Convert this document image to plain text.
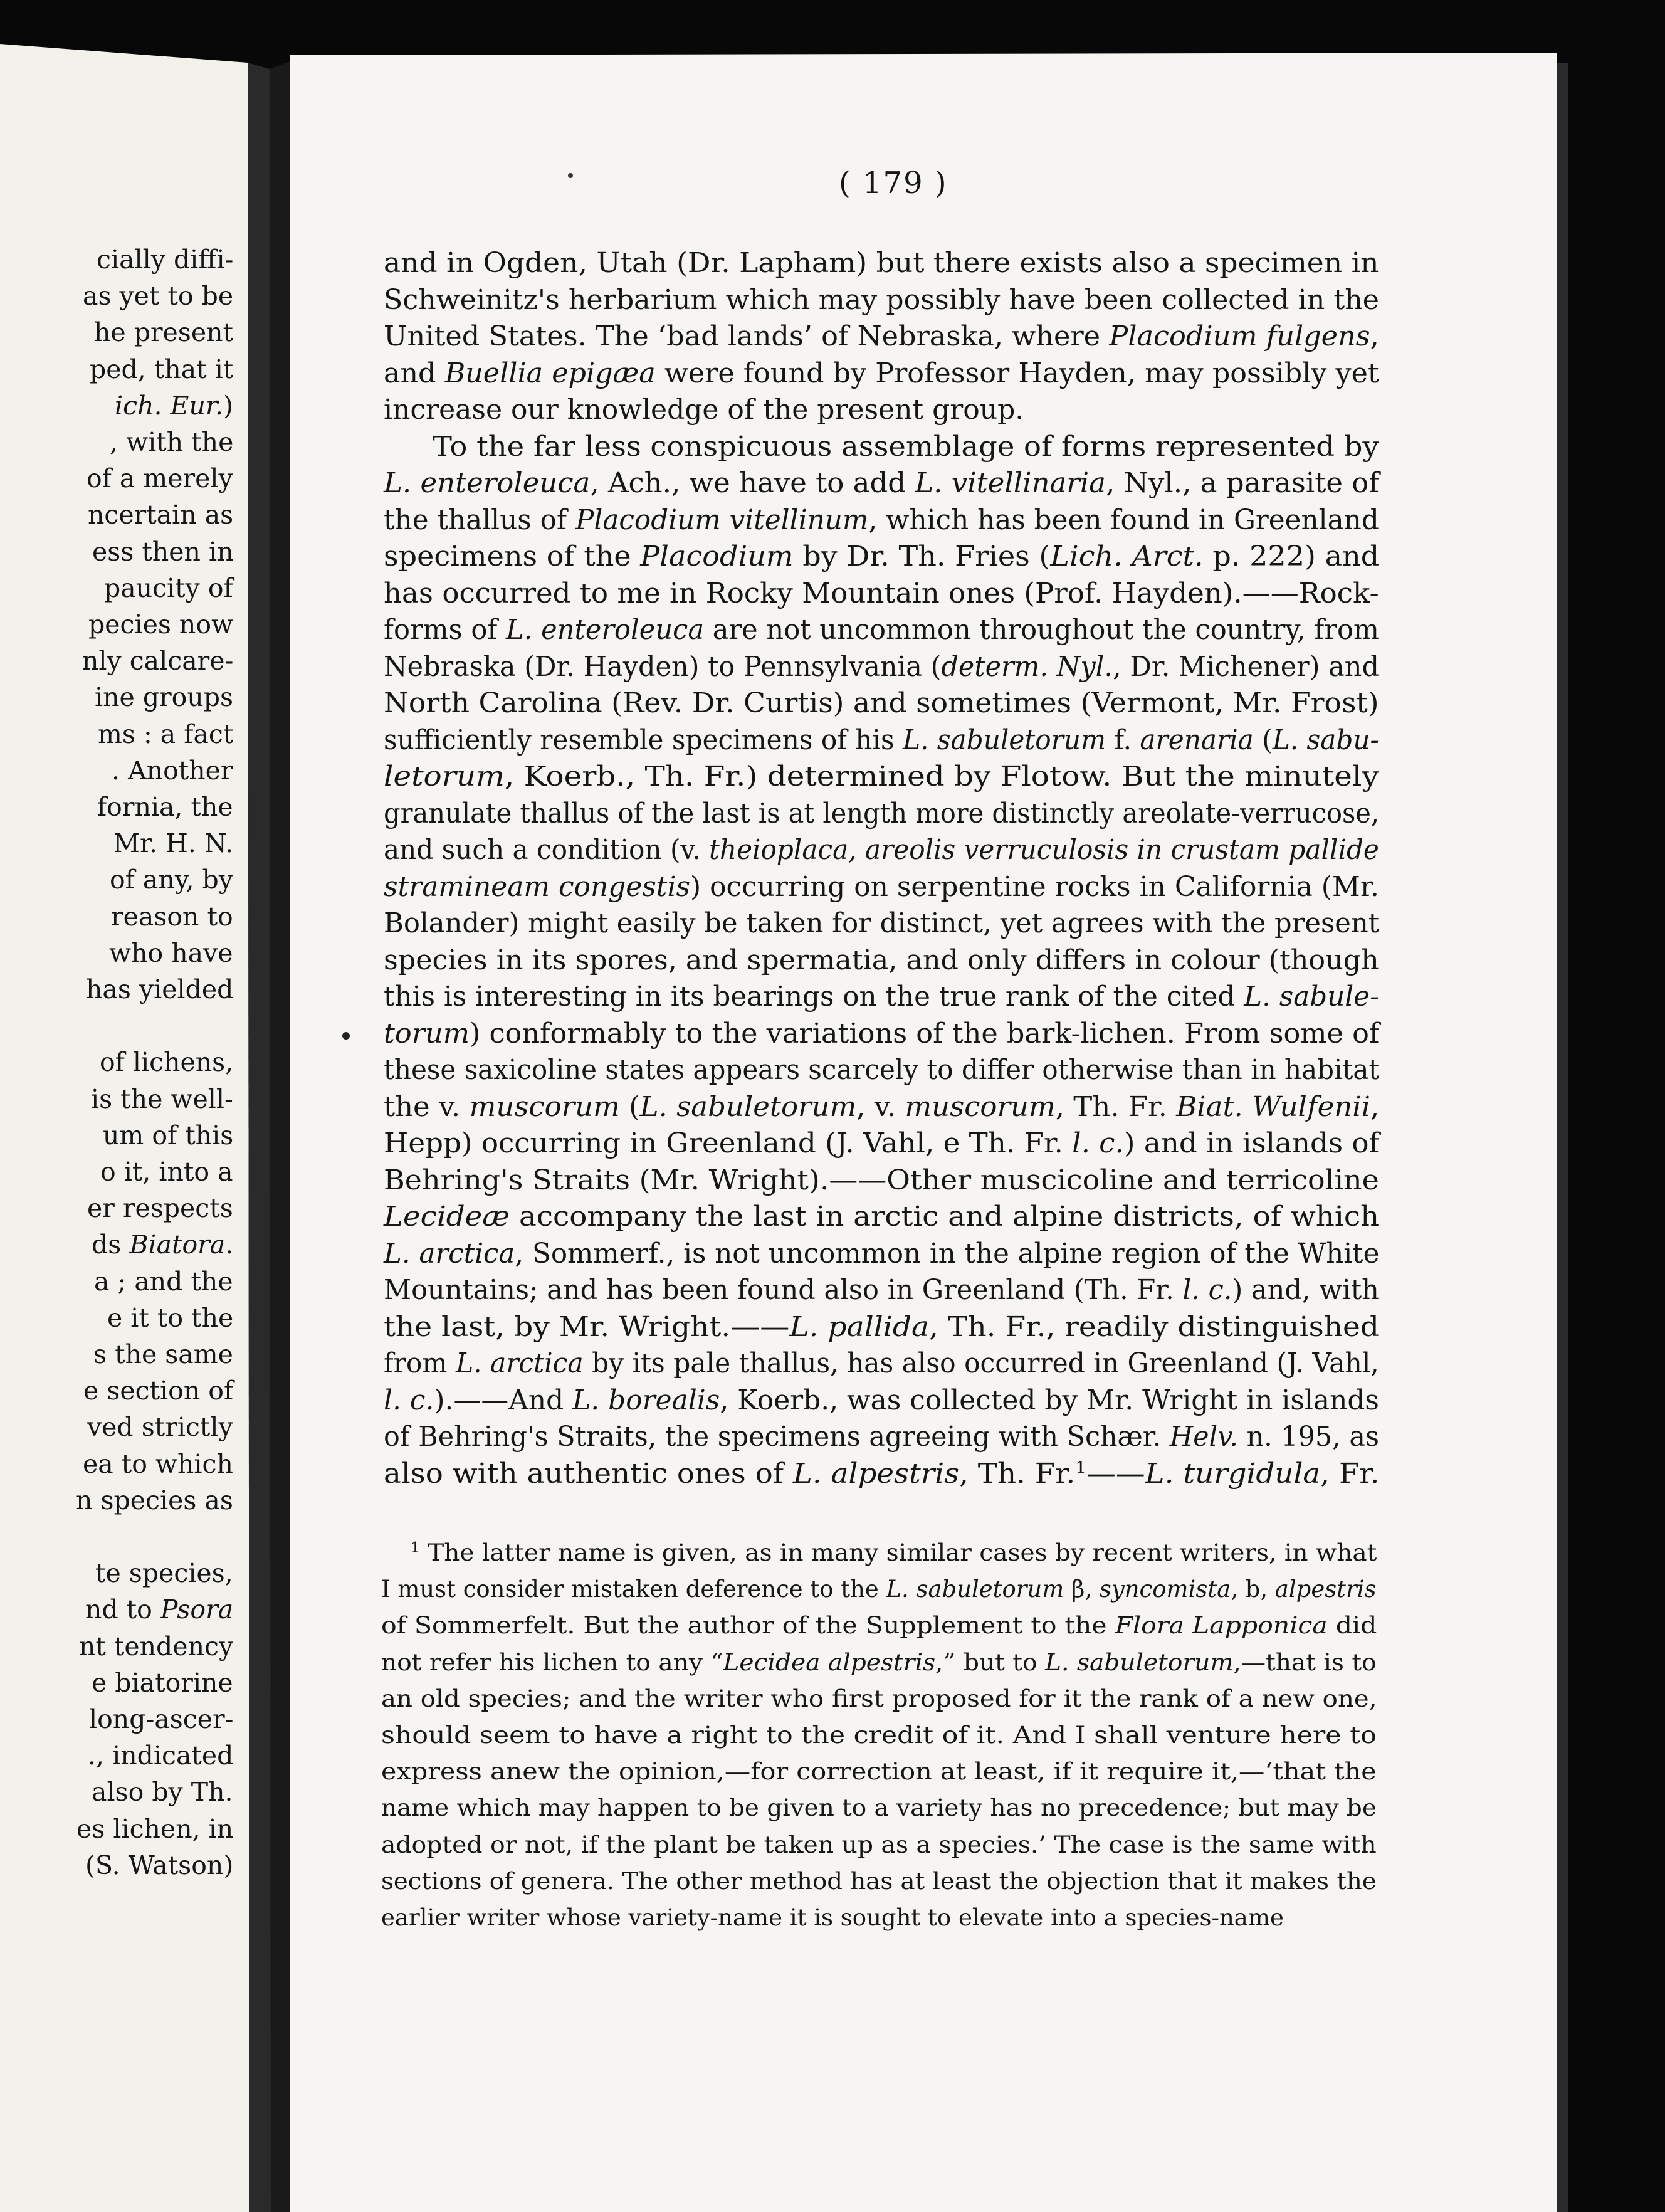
cially diffi-
as yet to be
he present
ped, that it
ich. Eur.)
, with the
of a merely
ncertain as
ess then in
paucity of
pecies now
nly calcare-
ine groups
ms : a fact
. Another
fornia, the
Mr. H. N.
of any, by
reason to
who have
has yielded
of lichens,
is the well-
um of this
o it, into a
er respects
ds Biatora.
a ; and the
e it to the
s the same
e section of
ved strictly
ea to which
n species as
te species,
nd to Psora
nt tendency
e biatorine
long-ascer-
., indicated
also by Th.
es lichen, in
(S. Watson)
( 179 )
and in Ogden, Utah (Dr. Lapham) but there exists also a specimen in
Schweinitz's herbarium which may possibly have been collected in the
United States. The ‘bad lands’ of Nebraska, where Placodium fulgens,
and Buellia epigæa were found by Professor Hayden, may possibly yet
increase our knowledge of the present group.
To the far less conspicuous assemblage of forms represented by
L. enteroleuca, Ach., we have to add L. vitellinaria, Nyl., a parasite of
the thallus of Placodium vitellinum, which has been found in Greenland
specimens of the Placodium by Dr. Th. Fries (Lich. Arct. p. 222) and
has occurred to me in Rocky Mountain ones (Prof. Hayden).——Rock-
forms of L. enteroleuca are not uncommon throughout the country, from
Nebraska (Dr. Hayden) to Pennsylvania (determ. Nyl., Dr. Michener) and
North Carolina (Rev. Dr. Curtis) and sometimes (Vermont, Mr. Frost)
sufficiently resemble specimens of his L. sabuletorum f. arenaria (L. sabu-
letorum, Koerb., Th. Fr.) determined by Flotow. But the minutely
granulate thallus of the last is at length more distinctly areolate-verrucose,
and such a condition (v. theioplaca, areolis verruculosis in crustam pallide
stramineam congestis) occurring on serpentine rocks in California (Mr.
Bolander) might easily be taken for distinct, yet agrees with the present
species in its spores, and spermatia, and only differs in colour (though
this is interesting in its bearings on the true rank of the cited L. sabule-
torum) conformably to the variations of the bark-lichen. From some of
these saxicoline states appears scarcely to differ otherwise than in habitat
the v. muscorum (L. sabuletorum, v. muscorum, Th. Fr. Biat. Wulfenii,
Hepp) occurring in Greenland (J. Vahl, e Th. Fr. l. c.) and in islands of
Behring's Straits (Mr. Wright).——Other muscicoline and terricoline
Lecideæ accompany the last in arctic and alpine districts, of which
L. arctica, Sommerf., is not uncommon in the alpine region of the White
Mountains; and has been found also in Greenland (Th. Fr. l. c.) and, with
the last, by Mr. Wright.——L. pallida, Th. Fr., readily distinguished
from L. arctica by its pale thallus, has also occurred in Greenland (J. Vahl,
l. c.).——And L. borealis, Koerb., was collected by Mr. Wright in islands
of Behring's Straits, the specimens agreeing with Schær. Helv. n. 195, as
also with authentic ones of L. alpestris, Th. Fr.$^1$——L. turgidula, Fr.
$^1$ The latter name is given, as in many similar cases by recent writers, in what
I must consider mistaken deference to the L. sabuletorum β, syncomista, b, alpestris
of Sommerfelt. But the author of the Supplement to the Flora Lapponica did
not refer his lichen to any “Lecidea alpestris,” but to L. sabuletorum,—that is to
an old species; and the writer who first proposed for it the rank of a new one,
should seem to have a right to the credit of it. And I shall venture here to
express anew the opinion,—for correction at least, if it require it,—‘that the
name which may happen to be given to a variety has no precedence; but may be
adopted or not, if the plant be taken up as a species.’ The case is the same with
sections of genera. The other method has at least the objection that it makes the
earlier writer whose variety-name it is sought to elevate into a species-name
